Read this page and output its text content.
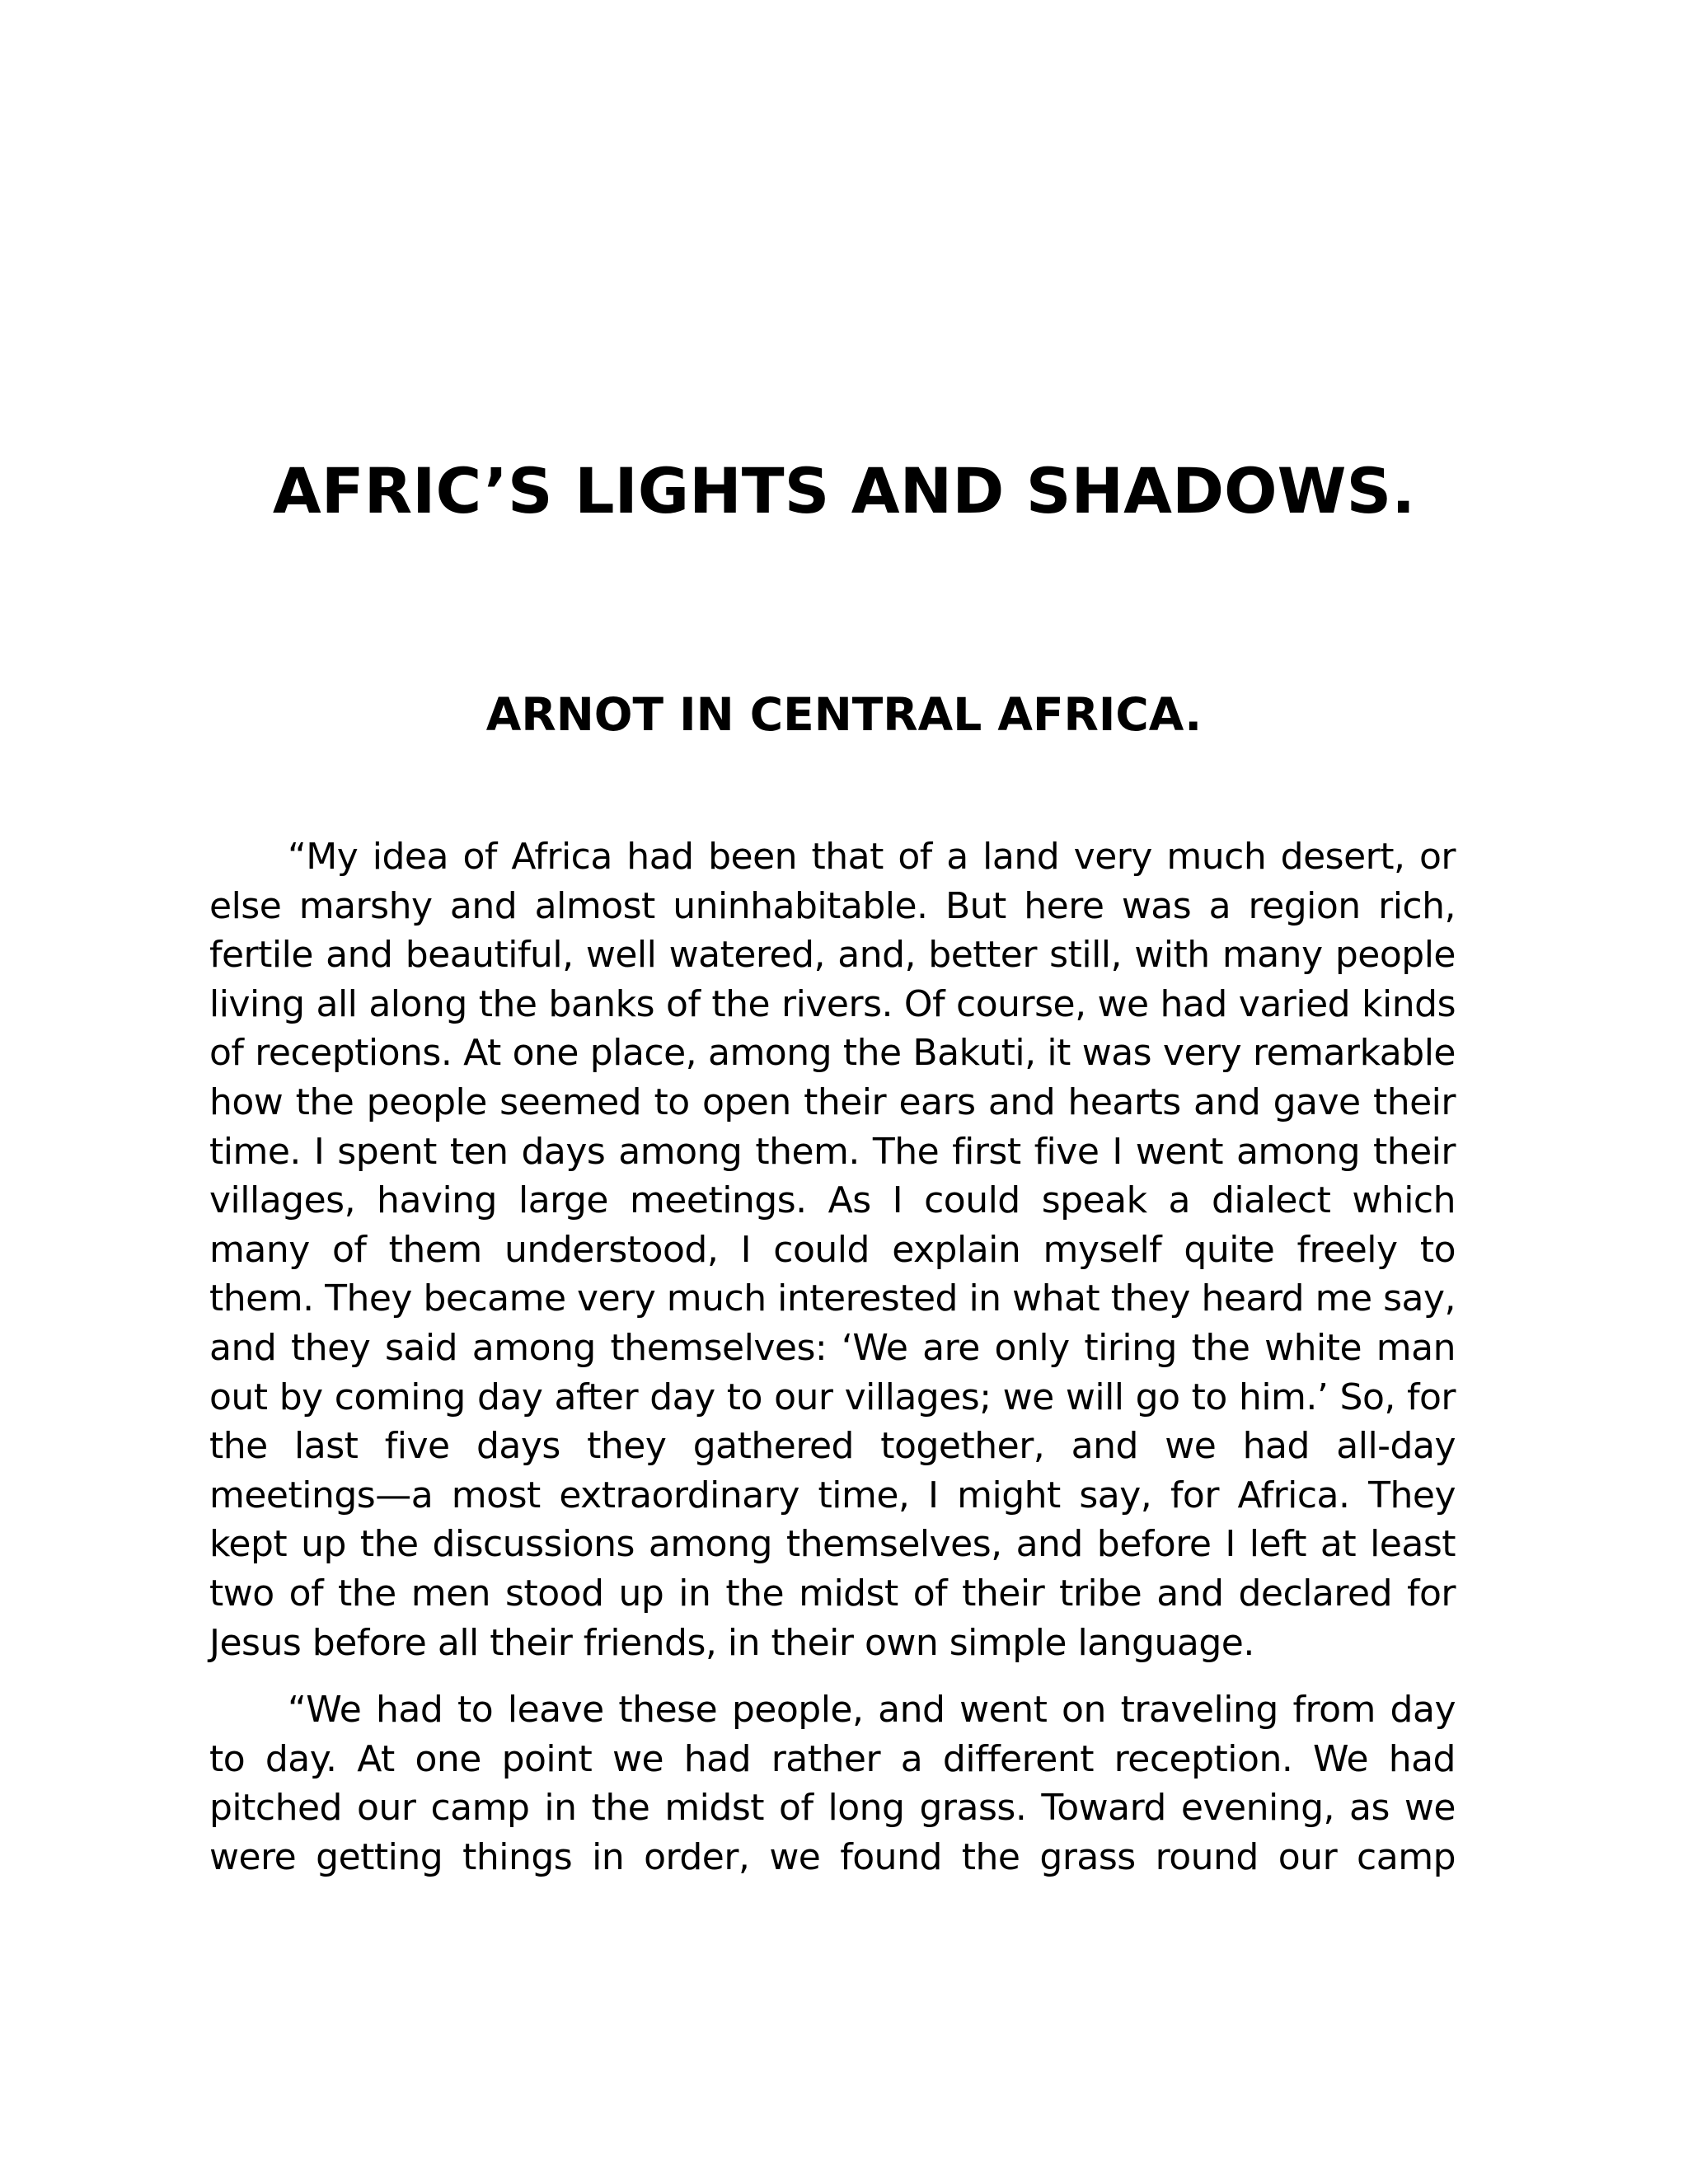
AFRIC’S LIGHTS AND SHADOWS.
ARNOT IN CENTRAL AFRICA.

“My idea of Africa had been that of a land very much desert, or else marshy and almost uninhabitable. But here was a region rich, fertile and beautiful, well watered, and, better still, with many people living all along the banks of the rivers. Of course, we had varied kinds of receptions. At one place, among the Bakuti, it was very remarkable how the people seemed to open their ears and hearts and gave their time. I spent ten days among them. The first five I went among their villages, having large meetings. As I could speak a dialect which many of them understood, I could explain myself quite freely to them. They became very much interested in what they heard me say, and they said among themselves: ‘We are only tiring the white man out by coming day after day to our villages; we will go to him.’ So, for the last five days they gathered together, and we had all-day meetings—a most extraordinary time, I might say, for Africa. They kept up the discussions among themselves, and before I left at least two of the men stood up in the midst of their tribe and declared for Jesus before all their friends, in their own simple language.

“We had to leave these people, and went on traveling from day to day. At one point we had rather a different reception. We had pitched our camp in the midst of long grass. Toward evening, as we were getting things in order, we found the grass round our camp
